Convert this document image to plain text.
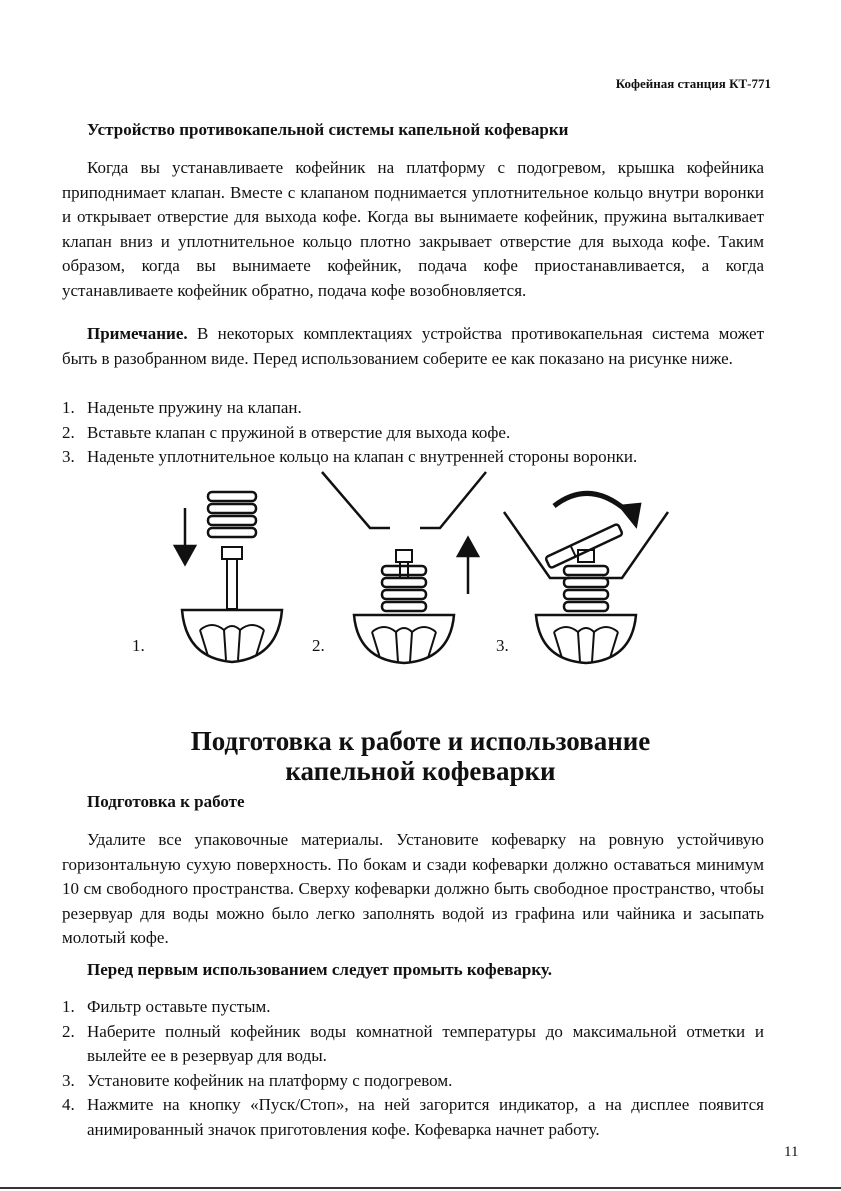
Кофейная станция КТ-771
Устройство противокапельной системы капельной кофеварки

Когда вы устанавливаете кофейник на платформу с подогревом, крышка кофейника приподнимает клапан. Вместе с клапаном поднимается уплотнительное кольцо внутри воронки и открывает отверстие для выхода кофе. Когда вы вынимаете кофейник, пружина выталкивает клапан вниз и уплотнительное кольцо плотно закрывает отверстие для выхода кофе. Таким образом, когда вы вынимаете кофейник, подача кофе приостанавливается, а когда устанавливаете кофейник обратно, подача кофе возобновляется.

Примечание. В некоторых комплектациях устройства противокапельная система может быть в разобранном виде. Перед использованием соберите ее как показано на рисунке ниже.

1. Наденьте пружину на клапан.
2. Вставьте клапан с пружиной в отверстие для выхода кофе.
3. Наденьте уплотнительное кольцо на клапан с внутренней стороны воронки.
1.	2.	3.
Подготовка к работе и использование
капельной кофеварки
Подготовка к работе

Удалите все упаковочные материалы. Установите кофеварку на ровную устойчивую горизонтальную сухую поверхность. По бокам и сзади кофеварки должно оставаться минимум 10 см свободного пространства. Сверху кофеварки должно быть свободное пространство, чтобы резервуар для воды можно было легко заполнять водой из графина или чайника и засыпать молотый кофе.

Перед первым использованием следует промыть кофеварку.
1. Фильтр оставьте пустым.
2. Наберите полный кофейник воды комнатной температуры до максимальной отметки и вылейте ее в резервуар для воды.
3. Установите кофейник на платформу с подогревом.
4. Нажмите на кнопку «Пуск/Стоп», на ней загорится индикатор, а на дисплее появится анимированный значок приготовления кофе. Кофеварка начнет работу.
11
